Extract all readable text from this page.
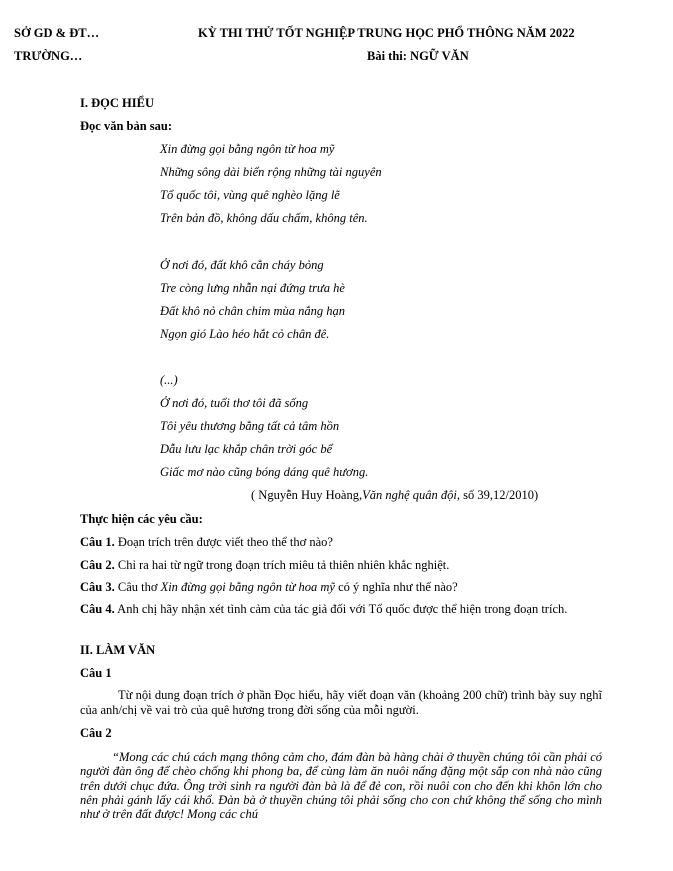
SỞ GD & ĐT…
TRƯỜNG…
KỲ THI THỬ TỐT NGHIỆP TRUNG HỌC PHỔ THÔNG NĂM 2022
Bài thi: NGỮ VĂN
I. ĐỌC HIỂU
Đọc văn bản sau:
Xin đừng gọi bằng ngôn từ hoa mỹ
Những sông dài biển rộng những tài nguyên
Tổ quốc tôi, vùng quê nghèo lặng lẽ
Trên bản đồ, không dấu chấm, không tên.
Ở nơi đó, đất khô cằn cháy bỏng
Tre còng lưng nhẫn nại đứng trưa hè
Đất khô nỏ chân chim mùa nắng hạn
Ngọn gió Lào héo hắt cỏ chân đê.
(...)
Ở nơi đó, tuổi thơ tôi đã sống
Tôi yêu thương bằng tất cả tâm hồn
Dẫu lưu lạc khắp chân trời góc bể
Giấc mơ nào cũng bóng dáng quê hương.
( Nguyễn Huy Hoàng,Văn nghệ quân đội, số 39,12/2010)
Thực hiện các yêu cầu:
Câu 1. Đoạn trích trên được viết theo thể thơ nào?
Câu 2. Chỉ ra hai từ ngữ trong đoạn trích miêu tả thiên nhiên khắc nghiệt.
Câu 3. Câu thơ Xin đừng gọi bằng ngôn từ hoa mỹ có ý nghĩa như thế nào?
Câu 4. Anh chị hãy nhận xét tình cảm của tác giả đối với Tổ quốc được thể hiện trong đoạn trích.
II. LÀM VĂN
Câu 1
Từ nội dung đoạn trích ở phần Đọc hiểu, hãy viết đoạn văn (khoảng 200 chữ) trình bày suy nghĩ của anh/chị về vai trò của quê hương trong đời sống của mỗi người.
Câu 2
“Mong các chú cách mạng thông cảm cho, đám đàn bà hàng chài ở thuyền chúng tôi cần phải có người đàn ông để chèo chống khi phong ba, để cùng làm ăn nuôi nấng đặng một sắp con nhà nào cũng trên dưới chục đứa. Ông trời sinh ra người đàn bà là để đẻ con, rồi nuôi con cho đến khi khôn lớn cho nên phải gánh lấy cái khổ. Đàn bà ở thuyền chúng tôi phải sống cho con chứ không thể sống cho mình như ở trên đất được! Mong các chú
